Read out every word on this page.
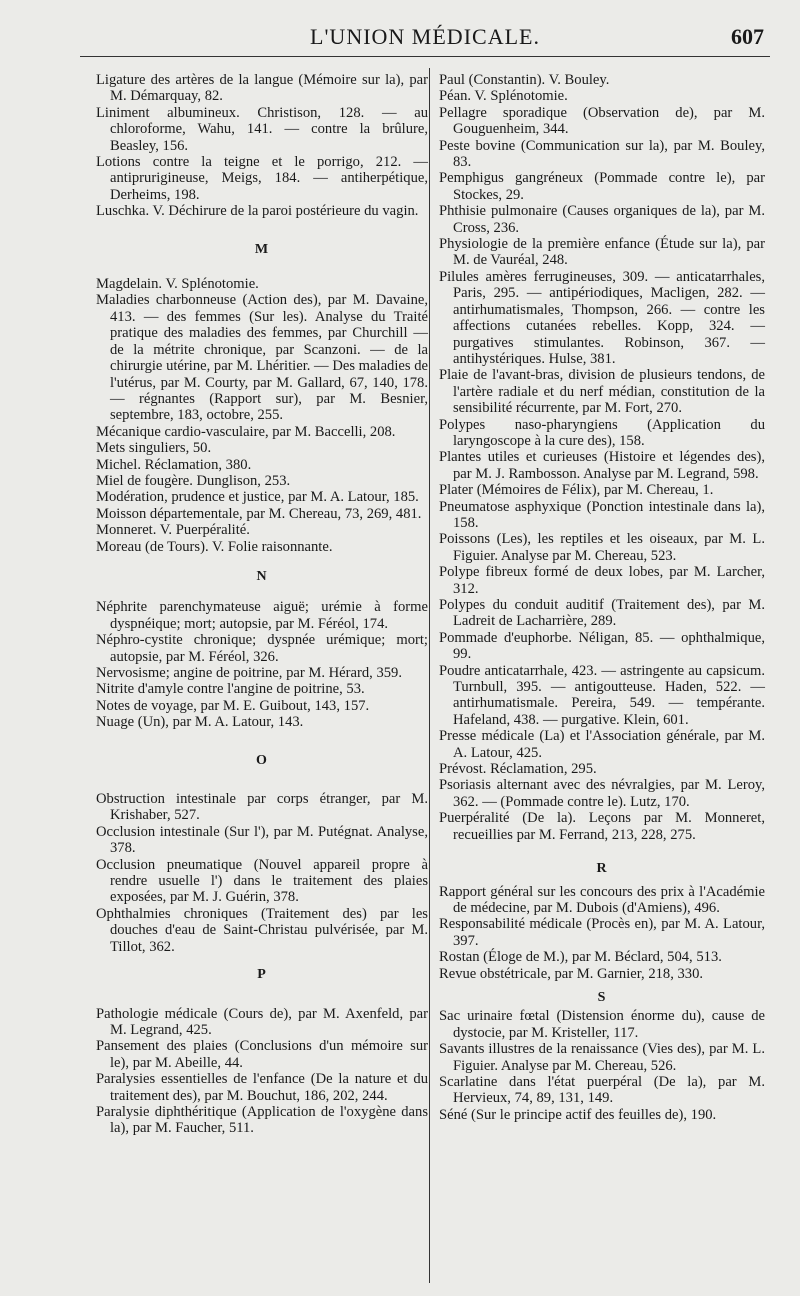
L'UNION MÉDICALE.	607

Ligature des artères de la langue (Mémoire sur la), par M. Démarquay, 82.

Liniment albumineux. Christison, 128. — au chloroforme, Wahu, 141. — contre la brûlure, Beasley, 156.

Lotions contre la teigne et le porrigo, 212. — antiprurigineuse, Meigs, 184. — antiherpétique, Derheims, 198.

Luschka. V. Déchirure de la paroi postérieure du vagin.

M

Magdelain. V. Splénotomie.

Maladies charbonneuse (Action des), par M. Davaine, 413. — des femmes (Sur les). Analyse du Traité pratique des maladies des femmes, par Churchill — de la métrite chronique, par Scanzoni. — de la chirurgie utérine, par M. Lhéritier. — Des maladies de l'utérus, par M. Courty, par M. Gallard, 67, 140, 178. — régnantes (Rapport sur), par M. Besnier, septembre, 183, octobre, 255.

Mécanique cardio-vasculaire, par M. Baccelli, 208.

Mets singuliers, 50.

Michel. Réclamation, 380.

Miel de fougère. Dunglison, 253.

Modération, prudence et justice, par M. A. Latour, 185.

Moisson départementale, par M. Chereau, 73, 269, 481.

Monneret. V. Puerpéralité.

Moreau (de Tours). V. Folie raisonnante.

N

Néphrite parenchymateuse aiguë; urémie à forme dyspnéique; mort; autopsie, par M. Féréol, 174.

Néphro-cystite chronique; dyspnée urémique; mort; autopsie, par M. Féréol, 326.

Nervosisme; angine de poitrine, par M. Hérard, 359.

Nitrite d'amyle contre l'angine de poitrine, 53.

Notes de voyage, par M. E. Guibout, 143, 157.

Nuage (Un), par M. A. Latour, 143.

O

Obstruction intestinale par corps étranger, par M. Krishaber, 527.

Occlusion intestinale (Sur l'), par M. Putégnat. Analyse, 378.

Occlusion pneumatique (Nouvel appareil propre à rendre usuelle l') dans le traitement des plaies exposées, par M. J. Guérin, 378.

Ophthalmies chroniques (Traitement des) par les douches d'eau de Saint-Christau pulvérisée, par M. Tillot, 362.

P

Pathologie médicale (Cours de), par M. Axenfeld, par M. Legrand, 425.

Pansement des plaies (Conclusions d'un mémoire sur le), par M. Abeille, 44.

Paralysies essentielles de l'enfance (De la nature et du traitement des), par M. Bouchut, 186, 202, 244.

Paralysie diphthéritique (Application de l'oxygène dans la), par M. Faucher, 511.

Paul (Constantin). V. Bouley.

Péan. V. Splénotomie.

Pellagre sporadique (Observation de), par M. Gouguenheim, 344.

Peste bovine (Communication sur la), par M. Bouley, 83.

Pemphigus gangréneux (Pommade contre le), par Stockes, 29.

Phthisie pulmonaire (Causes organiques de la), par M. Cross, 236.

Physiologie de la première enfance (Étude sur la), par M. de Vauréal, 248.

Pilules amères ferrugineuses, 309. — anticatarrhales, Paris, 295. — antipériodiques, Macligen, 282. — antirhumatismales, Thompson, 266. — contre les affections cutanées rebelles. Kopp, 324. — purgatives stimulantes. Robinson, 367. — antihystériques. Hulse, 381.

Plaie de l'avant-bras, division de plusieurs tendons, de l'artère radiale et du nerf médian, constitution de la sensibilité récurrente, par M. Fort, 270.

Polypes naso-pharyngiens (Application du laryngoscope à la cure des), 158.

Plantes utiles et curieuses (Histoire et légendes des), par M. J. Rambosson. Analyse par M. Legrand, 598.

Plater (Mémoires de Félix), par M. Chereau, 1.

Pneumatose asphyxique (Ponction intestinale dans la), 158.

Poissons (Les), les reptiles et les oiseaux, par M. L. Figuier. Analyse par M. Chereau, 523.

Polype fibreux formé de deux lobes, par M. Larcher, 312.

Polypes du conduit auditif (Traitement des), par M. Ladreit de Lacharrière, 289.

Pommade d'euphorbe. Néligan, 85. — ophthalmique, 99.

Poudre anticatarrhale, 423. — astringente au capsicum. Turnbull, 395. — antigoutteuse. Haden, 522. — antirhumatismale. Pereira, 549. — tempérante. Hafeland, 438. — purgative. Klein, 601.

Presse médicale (La) et l'Association générale, par M. A. Latour, 425.

Prévost. Réclamation, 295.

Psoriasis alternant avec des névralgies, par M. Leroy, 362. — (Pommade contre le). Lutz, 170.

Puerpéralité (De la). Leçons par M. Monneret, recueillies par M. Ferrand, 213, 228, 275.

R

Rapport général sur les concours des prix à l'Académie de médecine, par M. Dubois (d'Amiens), 496.

Responsabilité médicale (Procès en), par M. A. Latour, 397.

Rostan (Éloge de M.), par M. Béclard, 504, 513.

Revue obstétricale, par M. Garnier, 218, 330.

S

Sac urinaire fœtal (Distension énorme du), cause de dystocie, par M. Kristeller, 117.

Savants illustres de la renaissance (Vies des), par M. L. Figuier. Analyse par M. Chereau, 526.

Scarlatine dans l'état puerpéral (De la), par M. Hervieux, 74, 89, 131, 149.

Séné (Sur le principe actif des feuilles de), 190.
